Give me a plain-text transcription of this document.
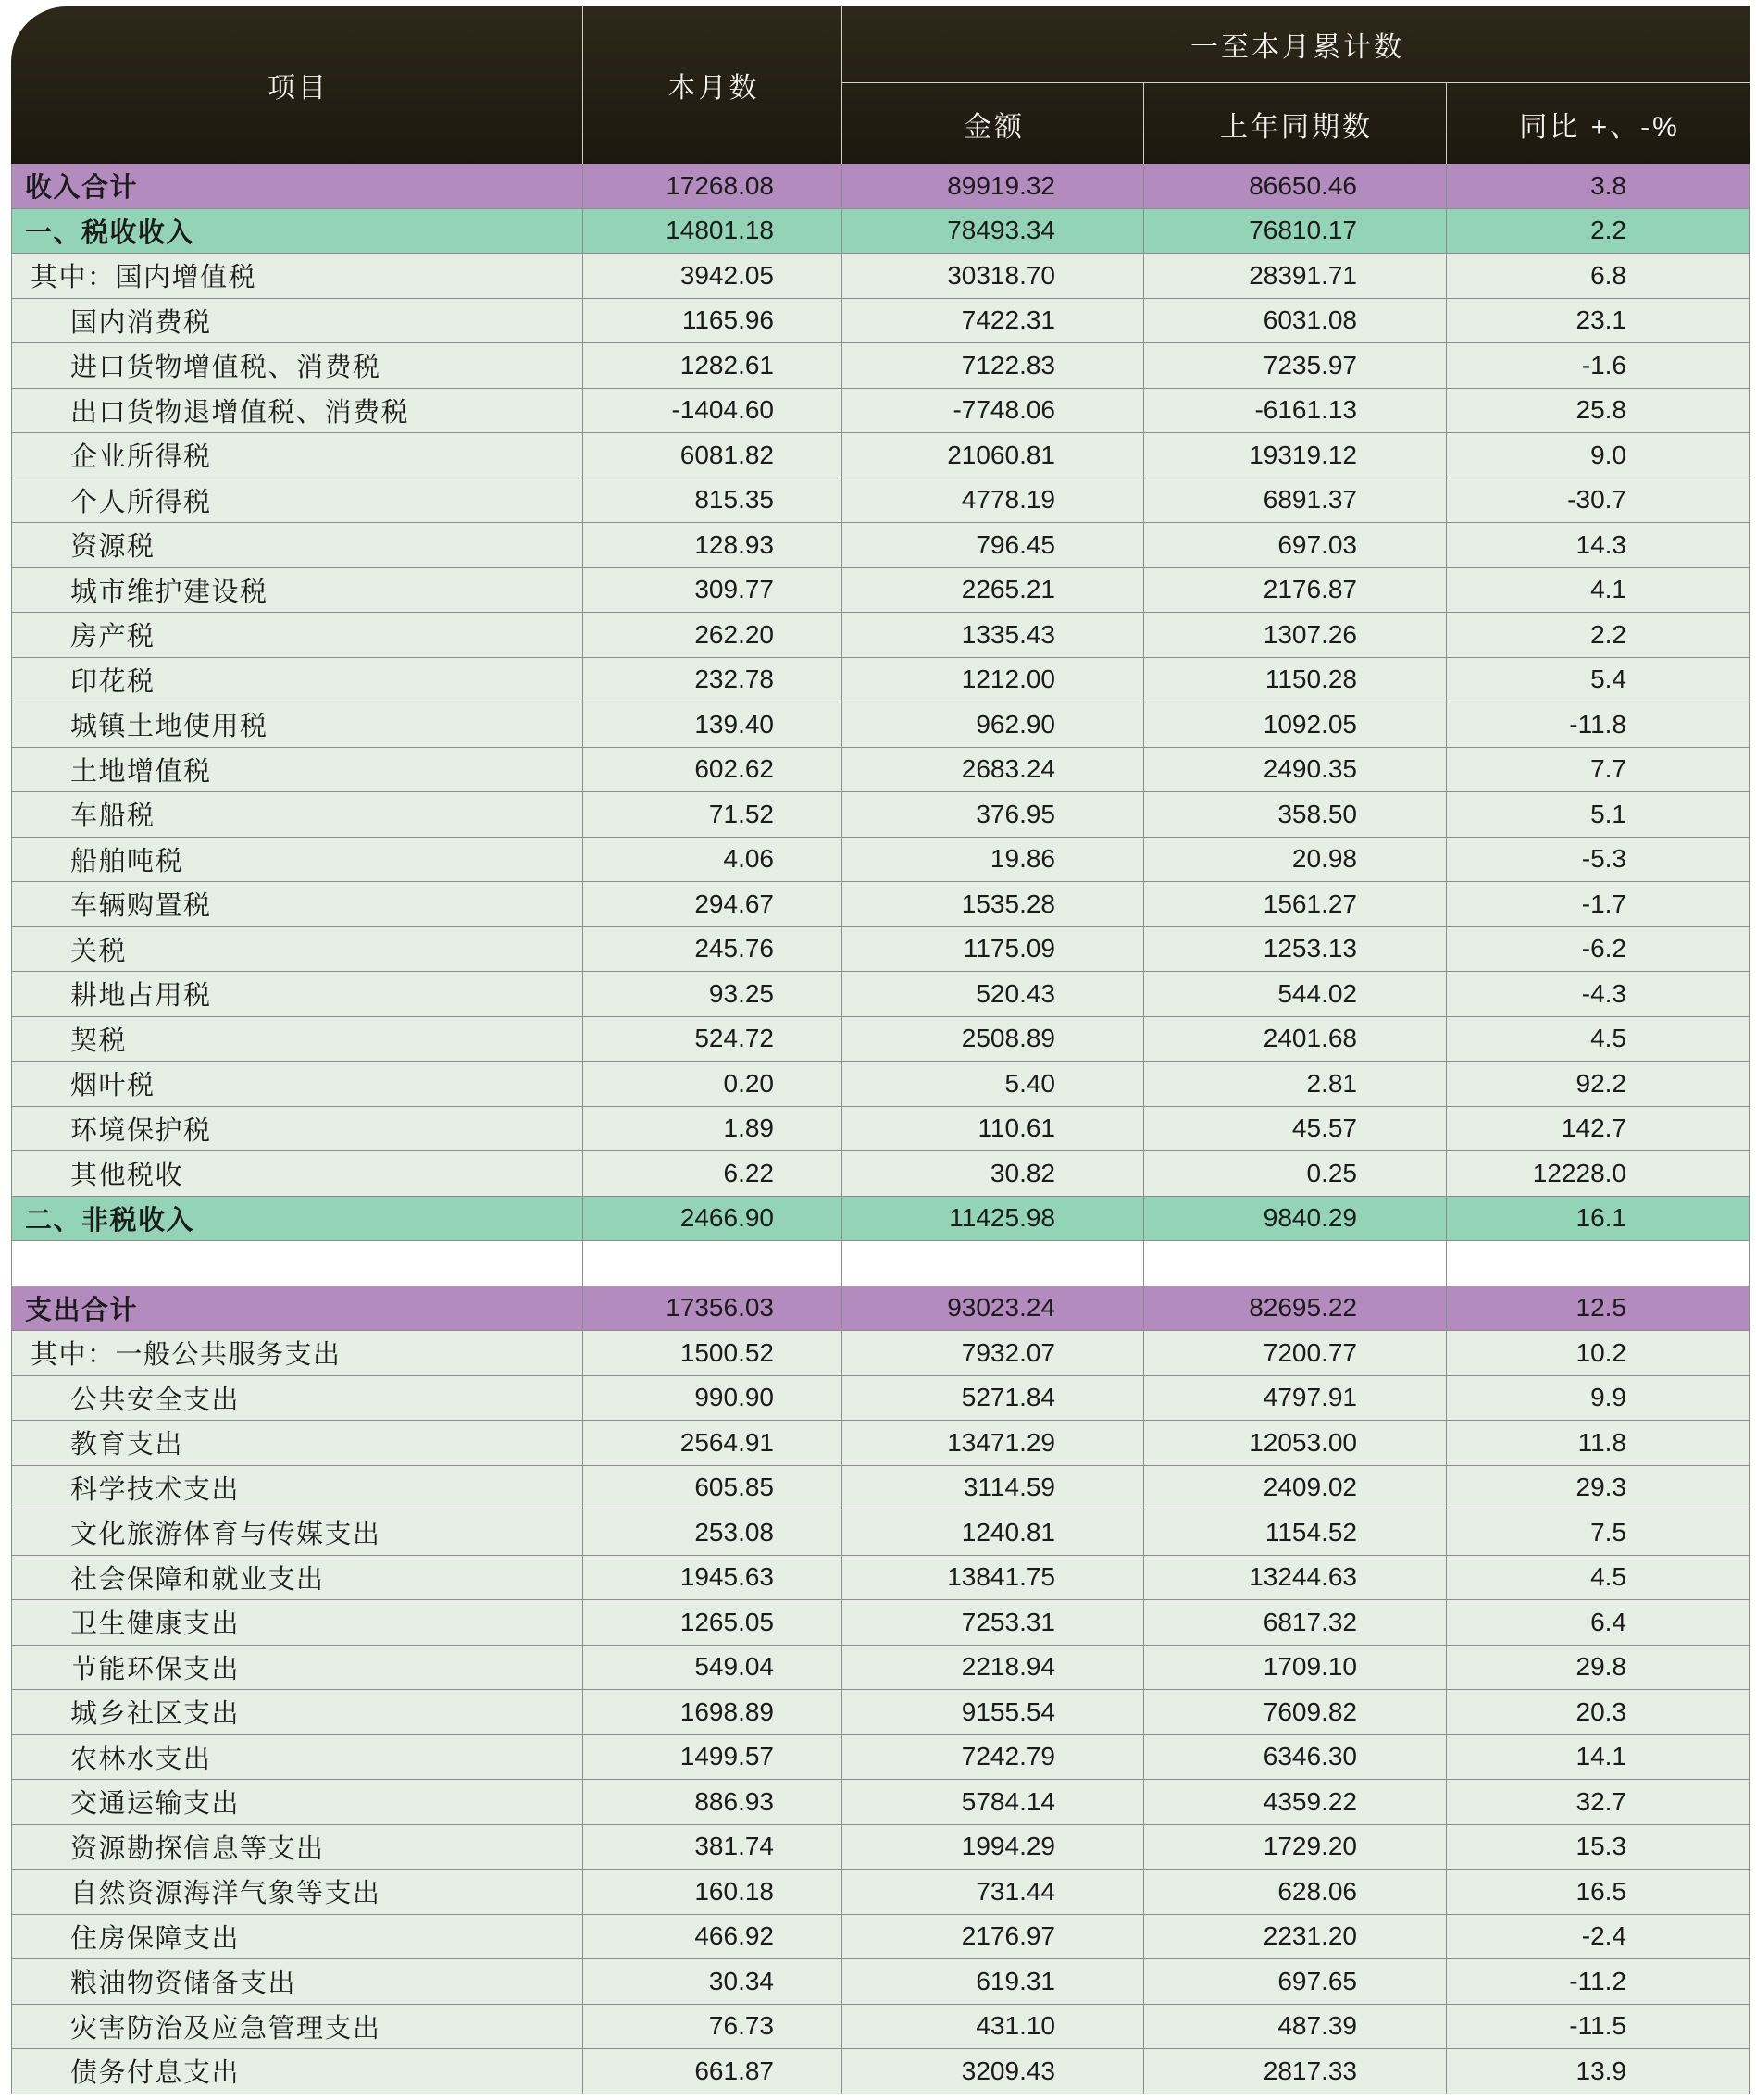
项目	本月数
一至本月累计数
金额	上年同期数	同比 +、-%
收入合计	17268.08	89919.32	86650.46	3.8
一、税收收入	14801.18	78493.34	76810.17	2.2
其中：国内增值税	3942.05	30318.70	28391.71	6.8
国内消费税	1165.96	7422.31	6031.08	23.1
进口货物增值税、消费税	1282.61	7122.83	7235.97	-1.6
出口货物退增值税、消费税	-1404.60	-7748.06	-6161.13	25.8
企业所得税	6081.82	21060.81	19319.12	9.0
个人所得税	815.35	4778.19	6891.37	-30.7
资源税	128.93	796.45	697.03	14.3
城市维护建设税	309.77	2265.21	2176.87	4.1
房产税	262.20	1335.43	1307.26	2.2
印花税	232.78	1212.00	1150.28	5.4
城镇土地使用税	139.40	962.90	1092.05	-11.8
土地增值税	602.62	2683.24	2490.35	7.7
车船税	71.52	376.95	358.50	5.1
船舶吨税	4.06	19.86	20.98	-5.3
车辆购置税	294.67	1535.28	1561.27	-1.7
关税	245.76	1175.09	1253.13	-6.2
耕地占用税	93.25	520.43	544.02	-4.3
契税	524.72	2508.89	2401.68	4.5
烟叶税	0.20	5.40	2.81	92.2
环境保护税	1.89	110.61	45.57	142.7
其他税收	6.22	30.82	0.25	12228.0
二、非税收入	2466.90	11425.98	9840.29	16.1
支出合计	17356.03	93023.24	82695.22	12.5
其中：一般公共服务支出	1500.52	7932.07	7200.77	10.2
公共安全支出	990.90	5271.84	4797.91	9.9
教育支出	2564.91	13471.29	12053.00	11.8
科学技术支出	605.85	3114.59	2409.02	29.3
文化旅游体育与传媒支出	253.08	1240.81	1154.52	7.5
社会保障和就业支出	1945.63	13841.75	13244.63	4.5
卫生健康支出	1265.05	7253.31	6817.32	6.4
节能环保支出	549.04	2218.94	1709.10	29.8
城乡社区支出	1698.89	9155.54	7609.82	20.3
农林水支出	1499.57	7242.79	6346.30	14.1
交通运输支出	886.93	5784.14	4359.22	32.7
资源勘探信息等支出	381.74	1994.29	1729.20	15.3
自然资源海洋气象等支出	160.18	731.44	628.06	16.5
住房保障支出	466.92	2176.97	2231.20	-2.4
粮油物资储备支出	30.34	619.31	697.65	-11.2
灾害防治及应急管理支出	76.73	431.10	487.39	-11.5
债务付息支出	661.87	3209.43	2817.33	13.9
